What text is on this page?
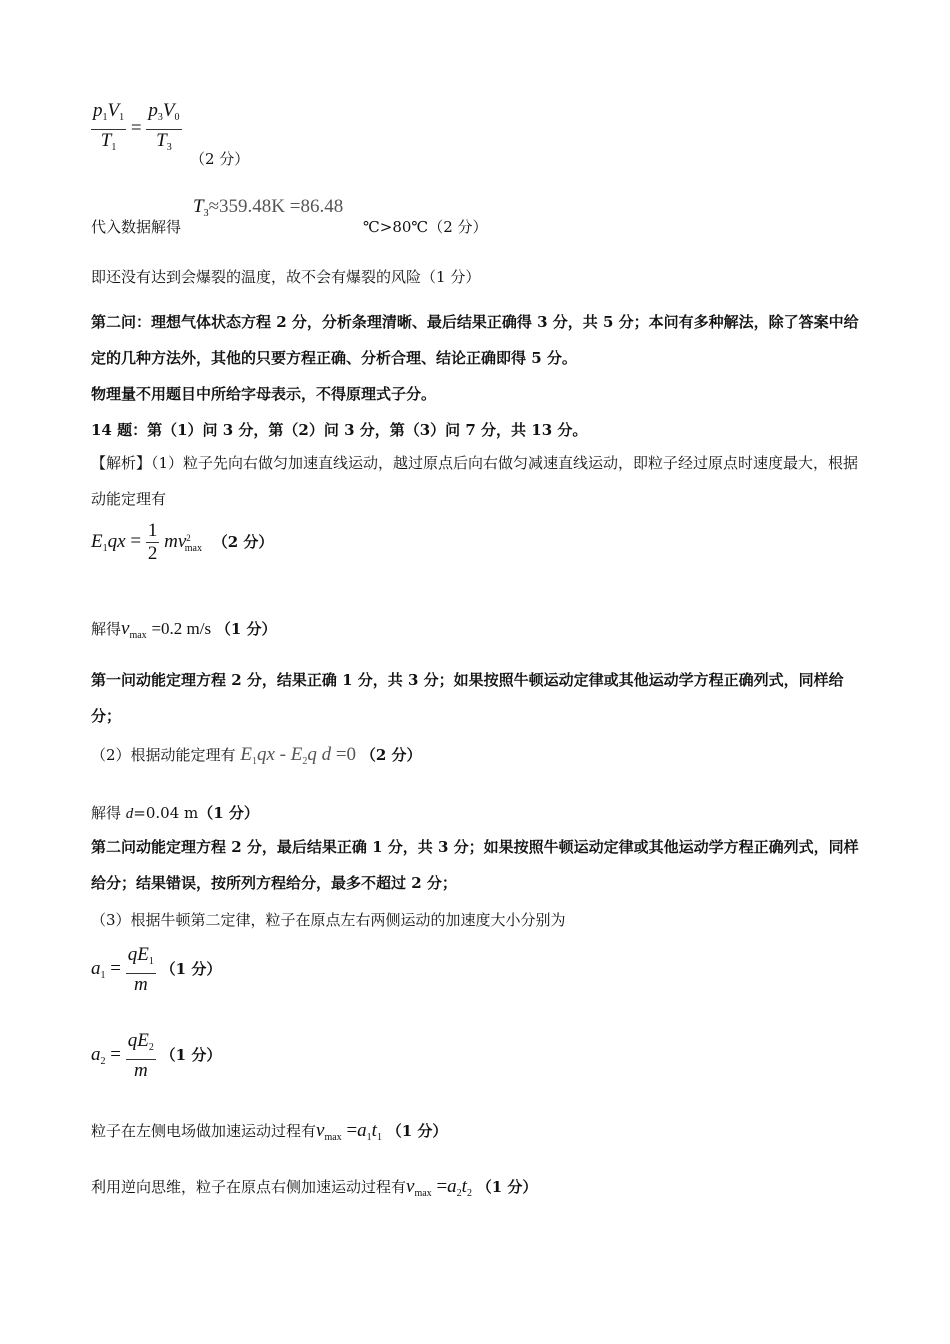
$\frac{p_1V_1}{T_1} = \frac{p_3V_0}{T_3} (2$ 分）
代入数据解得
$T_3\approx 359.48K =86.48$
℃>80℃（2 分）
即还没有达到会爆裂的温度，故不会有爆裂的风险（1 分）
第二问：理想气体状态方程 2 分，分析条理清晰、最后结果正确得 3 分，共 5 分；本问有多种解法，除了答案中给定的几种方法外，其他的只要方程正确、分析合理、结论正确即得 5 分。
物理量不用题目中所给字母表示，不得原理式子分。
14 题：第（1）问 3 分，第（2）问 3 分，第（3）问 7 分，共 13 分。
【解析】（1）粒子先向右做匀加速直线运动，越过原点后向右做匀减速直线运动，即粒子经过原点时速度最大，根据动能定理有
$E_1qx = \frac{1}{2} mv^2_{max}$ （2 分）
解得$v_{max} =0.2$ m/s （1 分）
第一问动能定理方程 2 分，结果正确 1 分，共 3 分；如果按照牛顿运动定律或其他运动学方程正确列式，同样给分；
（2）根据动能定理有 $E_1qx - E_2q$ d =0 （2 分）
解得 d=0.04 m（1 分）
第二问动能定理方程 2 分，最后结果正确 1 分，共 3 分；如果按照牛顿运动定律或其他运动学方程正确列式，同样给分；结果错误，按所列方程给分，最多不超过 2 分；
（3）根据牛顿第二定律，粒子在原点左右两侧运动的加速度大小分别为
$a_1 = \frac{qE_1}{m} (1$ 分）
$a_2 = \frac{qE_2}{m} (1$ 分）
粒子在左侧电场做加速运动过程有$v_{max} =a_1t_1$ （1 分）
利用逆向思维，粒子在原点右侧加速运动过程有$v_{max} =a_2t_2$ （1 分）
